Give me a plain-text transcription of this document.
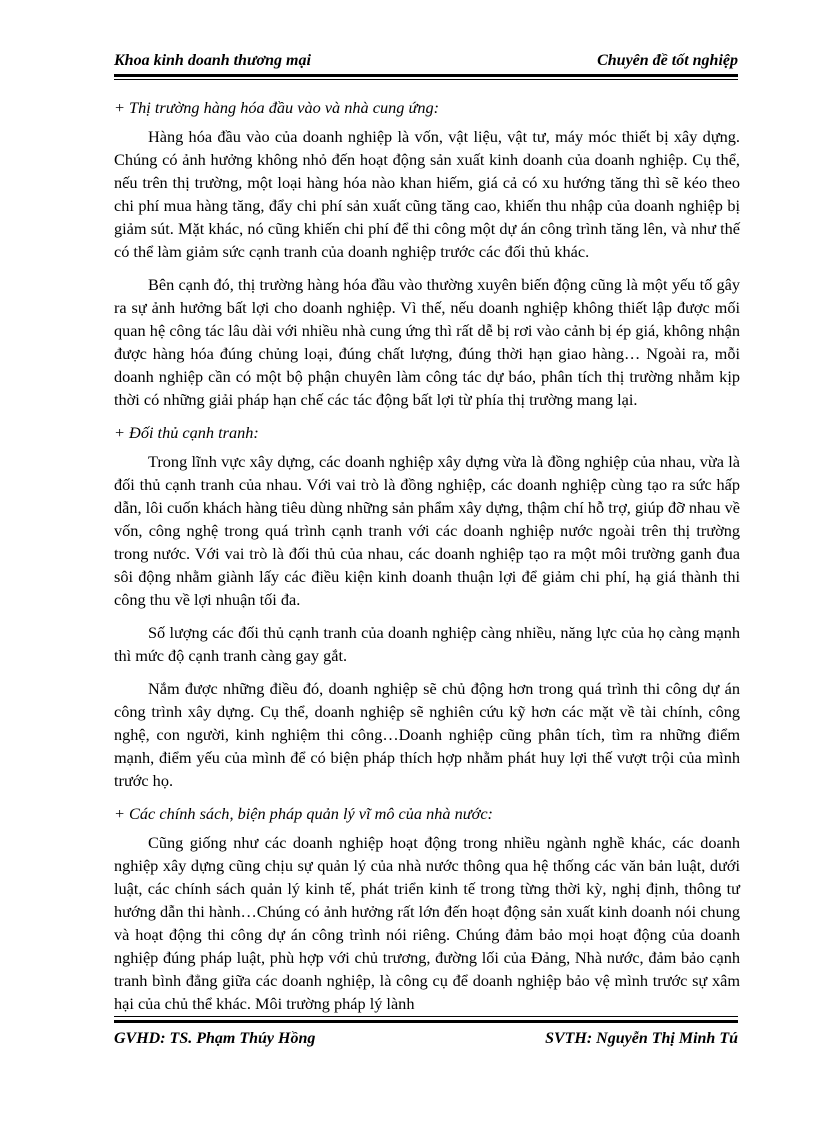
Khoa kinh doanh thương mại	Chuyên đề tốt nghiệp
+ Thị trường hàng hóa đầu vào và nhà cung ứng:

Hàng hóa đầu vào của doanh nghiệp là vốn, vật liệu, vật tư, máy móc thiết bị xây dựng. Chúng có ảnh hưởng không nhỏ đến hoạt động sản xuất kinh doanh của doanh nghiệp. Cụ thể, nếu trên thị trường, một loại hàng hóa nào khan hiếm, giá cả có xu hướng tăng thì sẽ kéo theo chi phí mua hàng tăng, đẩy chi phí sản xuất cũng tăng cao, khiến thu nhập của doanh nghiệp bị giảm sút. Mặt khác, nó cũng khiến chi phí để thi công một dự án công trình tăng lên, và như thế có thể làm giảm sức cạnh tranh của doanh nghiệp trước các đối thủ khác.

Bên cạnh đó, thị trường hàng hóa đầu vào thường xuyên biến động cũng là một yếu tố gây ra sự ảnh hưởng bất lợi cho doanh nghiệp. Vì thế, nếu doanh nghiệp không thiết lập được mối quan hệ công tác lâu dài với nhiều nhà cung ứng thì rất dễ bị rơi vào cảnh bị ép giá, không nhận được hàng hóa đúng chủng loại, đúng chất lượng, đúng thời hạn giao hàng… Ngoài ra, mỗi doanh nghiệp cần có một bộ phận chuyên làm công tác dự báo, phân tích thị trường nhằm kịp thời có những giải pháp hạn chế các tác động bất lợi từ phía thị trường mang lại.

+ Đối thủ cạnh tranh:

Trong lĩnh vực xây dựng, các doanh nghiệp xây dựng vừa là đồng nghiệp của nhau, vừa là đối thủ cạnh tranh của nhau. Với vai trò là đồng nghiệp, các doanh nghiệp cùng tạo ra sức hấp dẫn, lôi cuốn khách hàng tiêu dùng những sản phẩm xây dựng, thậm chí hỗ trợ, giúp đỡ nhau về vốn, công nghệ trong quá trình cạnh tranh với các doanh nghiệp nước ngoài trên thị trường trong nước. Với vai trò là đối thủ của nhau, các doanh nghiệp tạo ra một môi trường ganh đua sôi động nhằm giành lấy các điều kiện kinh doanh thuận lợi để giảm chi phí, hạ giá thành thi công thu về lợi nhuận tối đa.

Số lượng các đối thủ cạnh tranh của doanh nghiệp càng nhiều, năng lực của họ càng mạnh thì mức độ cạnh tranh càng gay gắt.

Nắm được những điều đó, doanh nghiệp sẽ chủ động hơn trong quá trình thi công dự án công trình xây dựng. Cụ thể, doanh nghiệp sẽ nghiên cứu kỹ hơn các mặt về tài chính, công nghệ, con người, kinh nghiệm thi công…Doanh nghiệp cũng phân tích, tìm ra những điểm mạnh, điểm yếu của mình để có biện pháp thích hợp nhằm phát huy lợi thế vượt trội của mình trước họ.

+ Các chính sách, biện pháp quản lý vĩ mô của nhà nước:

Cũng giống như các doanh nghiệp hoạt động trong nhiều ngành nghề khác, các doanh nghiệp xây dựng cũng chịu sự quản lý của nhà nước thông qua hệ thống các văn bản luật, dưới luật, các chính sách quản lý kinh tế, phát triển kinh tế trong từng thời kỳ, nghị định, thông tư hướng dẫn thi hành…Chúng có ảnh hưởng rất lớn đến hoạt động sản xuất kinh doanh nói chung và hoạt động thi công dự án công trình nói riêng. Chúng đảm bảo mọi hoạt động của doanh nghiệp đúng pháp luật, phù hợp với chủ trương, đường lối của Đảng, Nhà nước, đảm bảo cạnh tranh bình đẳng giữa các doanh nghiệp, là công cụ để doanh nghiệp bảo vệ mình trước sự xâm hại của chủ thể khác. Môi trường pháp lý lành

GVHD: TS. Phạm Thúy Hồng	SVTH: Nguyễn Thị Minh Tú
